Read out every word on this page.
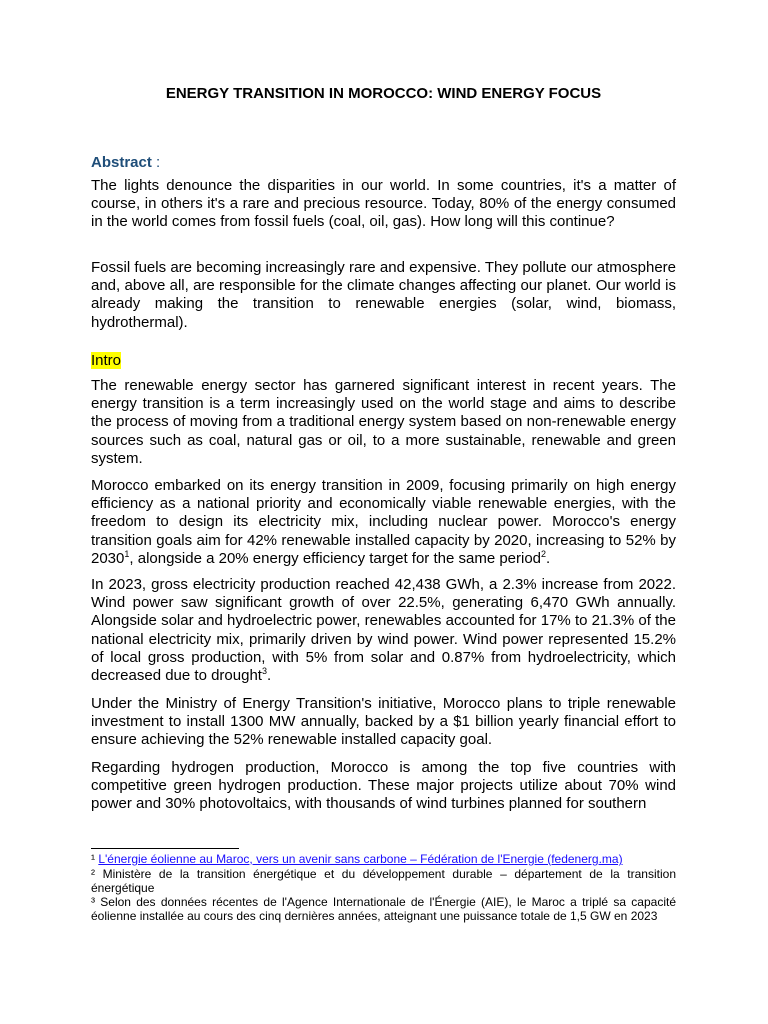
ENERGY TRANSITION IN MOROCCO: WIND ENERGY FOCUS
Abstract :

The lights denounce the disparities in our world. In some countries, it's a matter of course, in others it's a rare and precious resource. Today, 80% of the energy consumed in the world comes from fossil fuels (coal, oil, gas). How long will this continue?

Fossil fuels are becoming increasingly rare and expensive. They pollute our atmosphere and, above all, are responsible for the climate changes affecting our planet. Our world is already making the transition to renewable energies (solar, wind, biomass, hydrothermal).

Intro

The renewable energy sector has garnered significant interest in recent years. The energy transition is a term increasingly used on the world stage and aims to describe the process of moving from a traditional energy system based on non-renewable energy sources such as coal, natural gas or oil, to a more sustainable, renewable and green system.

Morocco embarked on its energy transition in 2009, focusing primarily on high energy efficiency as a national priority and economically viable renewable energies, with the freedom to design its electricity mix, including nuclear power. Morocco's energy transition goals aim for 42% renewable installed capacity by 2020, increasing to 52% by 2030$^1$, alongside a 20% energy efficiency target for the same period$^2$.

In 2023, gross electricity production reached 42,438 GWh, a 2.3% increase from 2022. Wind power saw significant growth of over 22.5%, generating 6,470 GWh annually. Alongside solar and hydroelectric power, renewables accounted for 17% to 21.3% of the national electricity mix, primarily driven by wind power. Wind power represented 15.2% of local gross production, with 5% from solar and 0.87% from hydroelectricity, which decreased due to drought$^3$.

Under the Ministry of Energy Transition's initiative, Morocco plans to triple renewable investment to install 1300 MW annually, backed by a $1 billion yearly financial effort to ensure achieving the 52% renewable installed capacity goal.

Regarding hydrogen production, Morocco is among the top five countries with competitive green hydrogen production. These major projects utilize about 70% wind power and 30% photovoltaics, with thousands of wind turbines planned for southern

¹ L'énergie éolienne au Maroc, vers un avenir sans carbone – Fédération de l'Energie (fedenerg.ma)

² Ministère de la transition énergétique et du développement durable – département de la transition énergétique

³ Selon des données récentes de l'Agence Internationale de l'Énergie (AIE), le Maroc a triplé sa capacité éolienne installée au cours des cinq dernières années, atteignant une puissance totale de 1,5 GW en 2023
